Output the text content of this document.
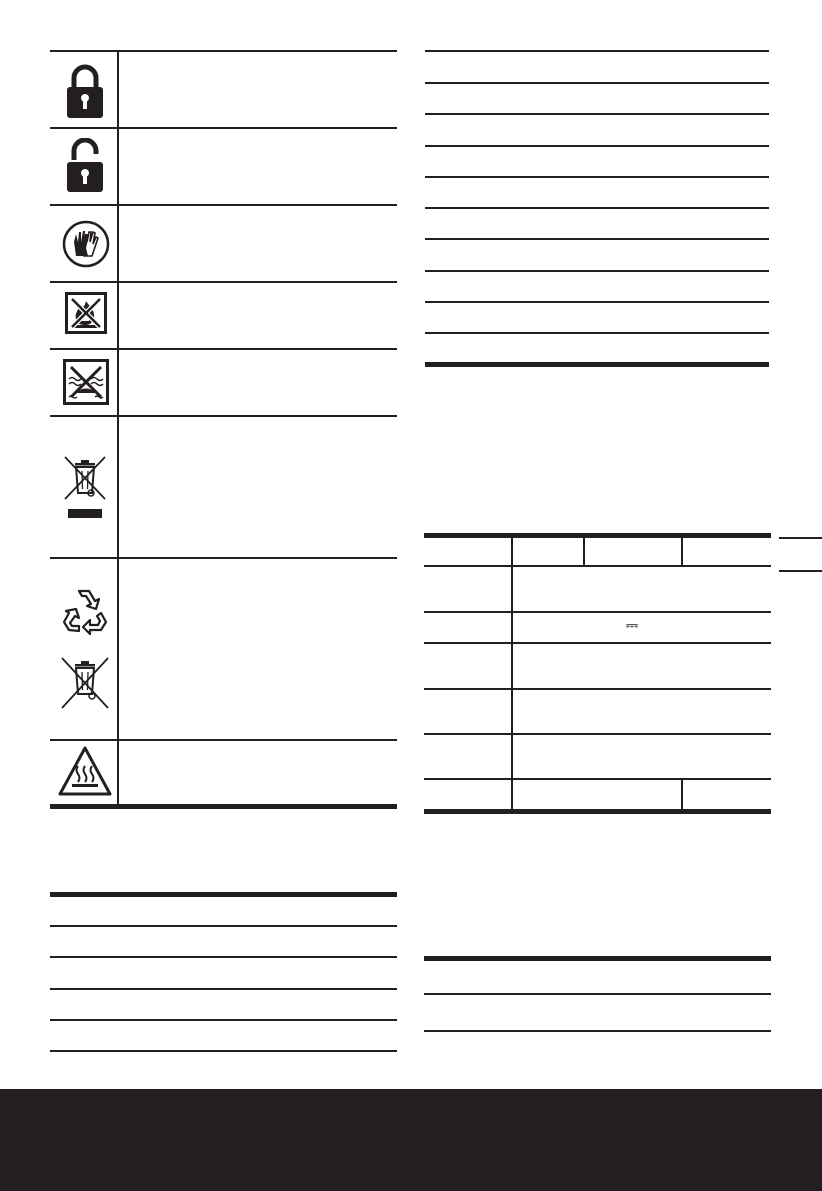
⎓
